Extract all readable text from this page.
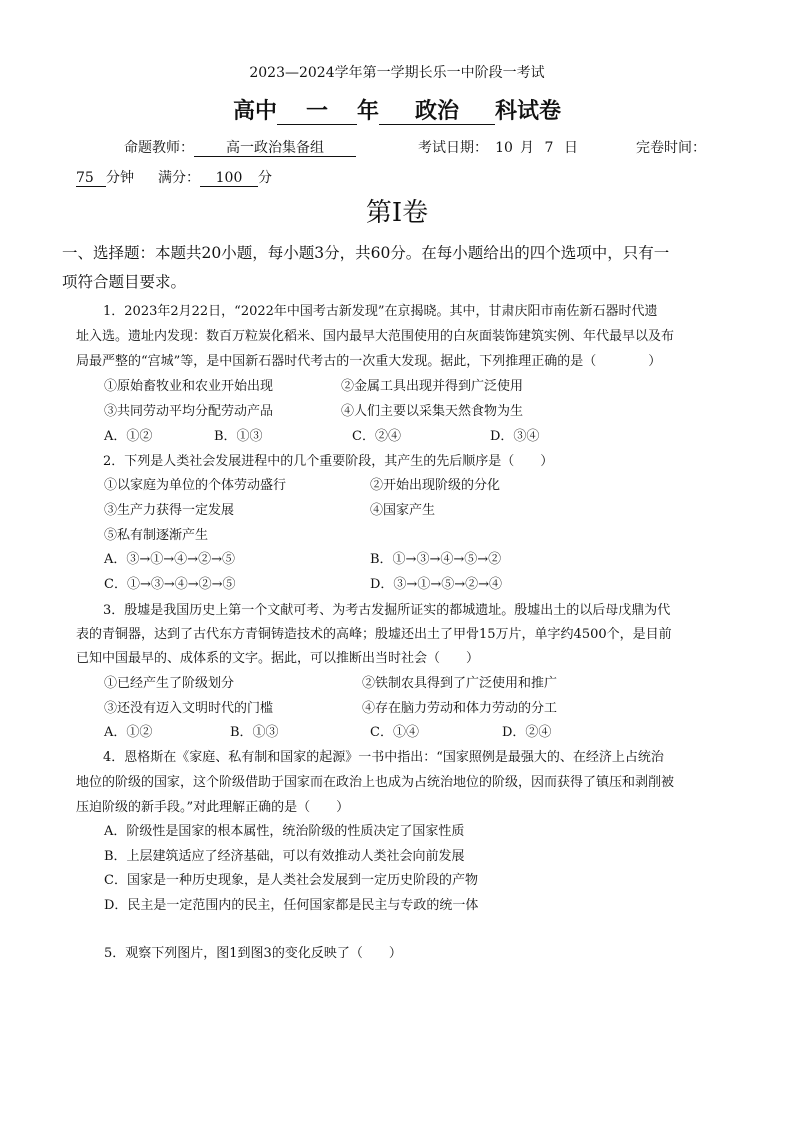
2023—2024学年第一学期长乐一中阶段一考试
高中 一 年 政治 科试卷
命题教师： 高一政治集备组	考试日期： 10 月 7 日	完卷时间：
75 分钟 满分： 100 分
第Ⅰ卷
一、选择题：本题共20小题，每小题3分，共60分。在每小题给出的四个选项中，只有一
项符合题目要求。
1．2023年2月22日，“2022年中国考古新发现”在京揭晓。其中，甘肃庆阳市南佐新石器时代遗
址入选。遗址内发现：数百万粒炭化稻米、国内最早大范围使用的白灰面装饰建筑实例、年代最早以及布
局最严整的“宫城”等，是中国新石器时代考古的一次重大发现。据此，下列推理正确的是（　　　　）
①原始畜牧业和农业开始出现	②金属工具出现并得到广泛使用
③共同劳动平均分配劳动产品	④人们主要以采集天然食物为生
A．①②	B．①③	C．②④	D．③④
2．下列是人类社会发展进程中的几个重要阶段，其产生的先后顺序是（　　）
①以家庭为单位的个体劳动盛行	②开始出现阶级的分化
③生产力获得一定发展	④国家产生
⑤私有制逐渐产生
A．③→①→④→②→⑤	B．①→③→④→⑤→②
C．①→③→④→②→⑤	D．③→①→⑤→②→④
3．殷墟是我国历史上第一个文献可考、为考古发掘所证实的都城遗址。殷墟出土的以后母戊鼎为代
表的青铜器，达到了古代东方青铜铸造技术的高峰；殷墟还出土了甲骨15万片，单字约4500个，是目前
已知中国最早的、成体系的文字。据此，可以推断出当时社会（　　）
①已经产生了阶级划分	②铁制农具得到了广泛使用和推广
③还没有迈入文明时代的门槛	④存在脑力劳动和体力劳动的分工
A．①②	B．①③	C．①④	D．②④
4．恩格斯在《家庭、私有制和国家的起源》一书中指出：“国家照例是最强大的、在经济上占统治
地位的阶级的国家，这个阶级借助于国家而在政治上也成为占统治地位的阶级，因而获得了镇压和剥削被
压迫阶级的新手段。”对此理解正确的是（　　）
A．阶级性是国家的根本属性，统治阶级的性质决定了国家性质
B．上层建筑适应了经济基础，可以有效推动人类社会向前发展
C．国家是一种历史现象，是人类社会发展到一定历史阶段的产物
D．民主是一定范围内的民主，任何国家都是民主与专政的统一体
5．观察下列图片，图1到图3的变化反映了（　　）
